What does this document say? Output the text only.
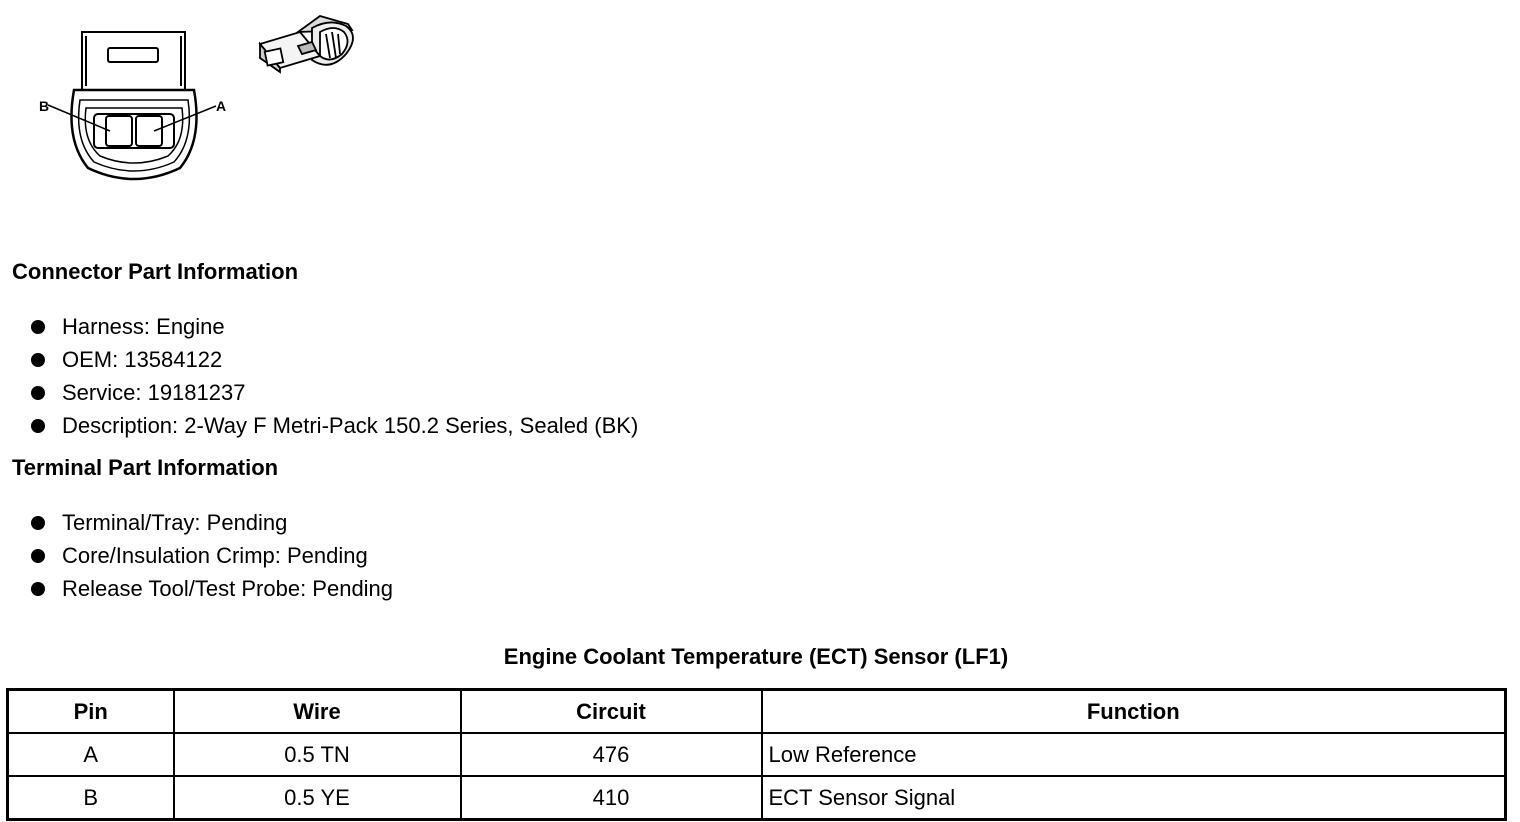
B	A
Connector Part Information
Harness: Engine
OEM: 13584122
Service: 19181237
Description: 2-Way F Metri-Pack 150.2 Series, Sealed (BK)
Terminal Part Information
Terminal/Tray: Pending
Core/Insulation Crimp: Pending
Release Tool/Test Probe: Pending
Engine Coolant Temperature (ECT) Sensor (LF1)
Pin	Wire	Circuit	Function
A	0.5 TN	476	Low Reference
B	0.5 YE	410	ECT Sensor Signal
